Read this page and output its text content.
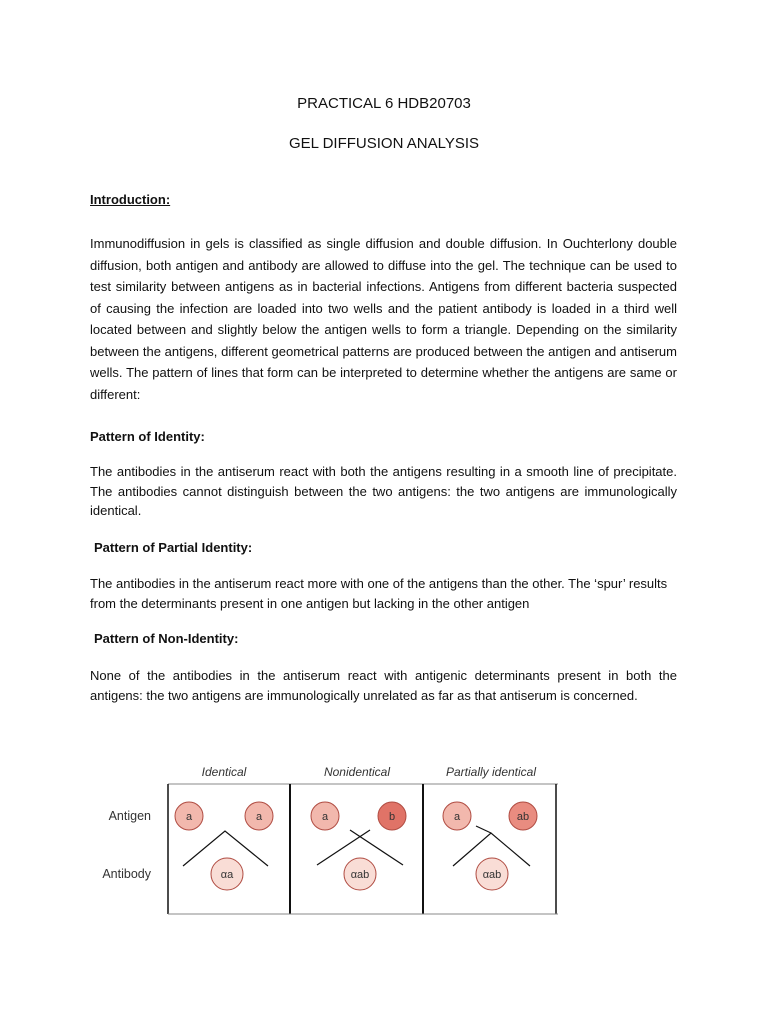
PRACTICAL 6 HDB20703
GEL DIFFUSION ANALYSIS
Introduction:

Immunodiffusion in gels is classified as single diffusion and double diffusion. In Ouchterlony double diffusion, both antigen and antibody are allowed to diffuse into the gel. The technique can be used to test similarity between antigens as in bacterial infections. Antigens from different bacteria suspected of causing the infection are loaded into two wells and the patient antibody is loaded in a third well located between and slightly below the antigen wells to form a triangle. Depending on the similarity between the antigens, different geometrical patterns are produced between the antigen and antiserum wells. The pattern of lines that form can be interpreted to determine whether the antigens are same or different:

Pattern of Identity:

The antibodies in the antiserum react with both the antigens resulting in a smooth line of precipitate. The antibodies cannot distinguish between the two antigens: the two antigens are immunologically identical.

Pattern of Partial Identity:

The antibodies in the antiserum react more with one of the antigens than the other. The ‘spur’ results from the determinants present in one antigen but lacking in the other antigen

Pattern of Non-Identity:

None of the antibodies in the antiserum react with antigenic determinants present in both the antigens: the two antigens are immunologically unrelated as far as that antiserum is concerned.

Identical	Nonidentical	Partially identical
Antigen
Antibody
a	a
αa
a	b
αab
a	ab
αab
